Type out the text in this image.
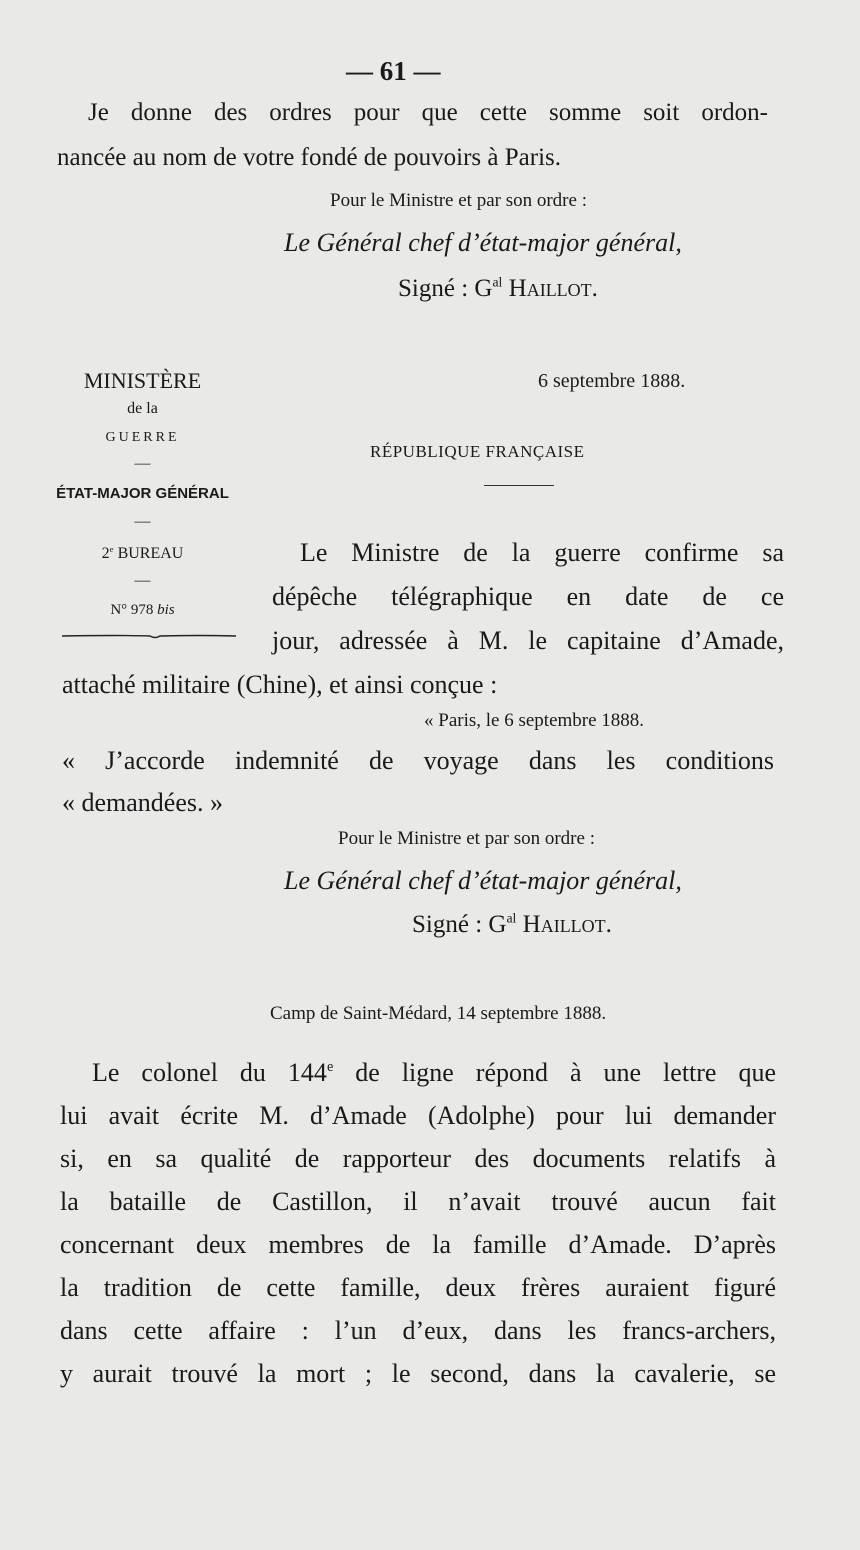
— 61 —
Je donne des ordres pour que cette somme soit ordon-
nancée au nom de votre fondé de pouvoirs à Paris.
Pour le Ministre et par son ordre :
Le Général chef d’état-major général,
Signé : $G^{al}$ Haillot.
MINISTÈRE
de la
GUERRE
—
ÉTAT-MAJOR GÉNÉRAL
—
2e BUREAU
—
N° 978 bis
6 septembre 1888.
RÉPUBLIQUE FRANÇAISE
Le Ministre de la guerre confirme sa
dépêche télégraphique en date de ce
jour, adressée à M. le capitaine d’Amade,
attaché militaire (Chine), et ainsi conçue :
« Paris, le 6 septembre 1888.
« J’accorde indemnité de voyage dans les conditions
« demandées. »
Pour le Ministre et par son ordre :
Le Général chef d’état-major général,
Signé : $G^{al}$ Haillot.
Camp de Saint-Médard, 14 septembre 1888.
Le colonel du 144e de ligne répond à une lettre que
lui avait écrite M. d’Amade (Adolphe) pour lui demander
si, en sa qualité de rapporteur des documents relatifs à
la bataille de Castillon, il n’avait trouvé aucun fait
concernant deux membres de la famille d’Amade. D’après
la tradition de cette famille, deux frères auraient figuré
dans cette affaire : l’un d’eux, dans les francs-archers,
y aurait trouvé la mort ; le second, dans la cavalerie, se
